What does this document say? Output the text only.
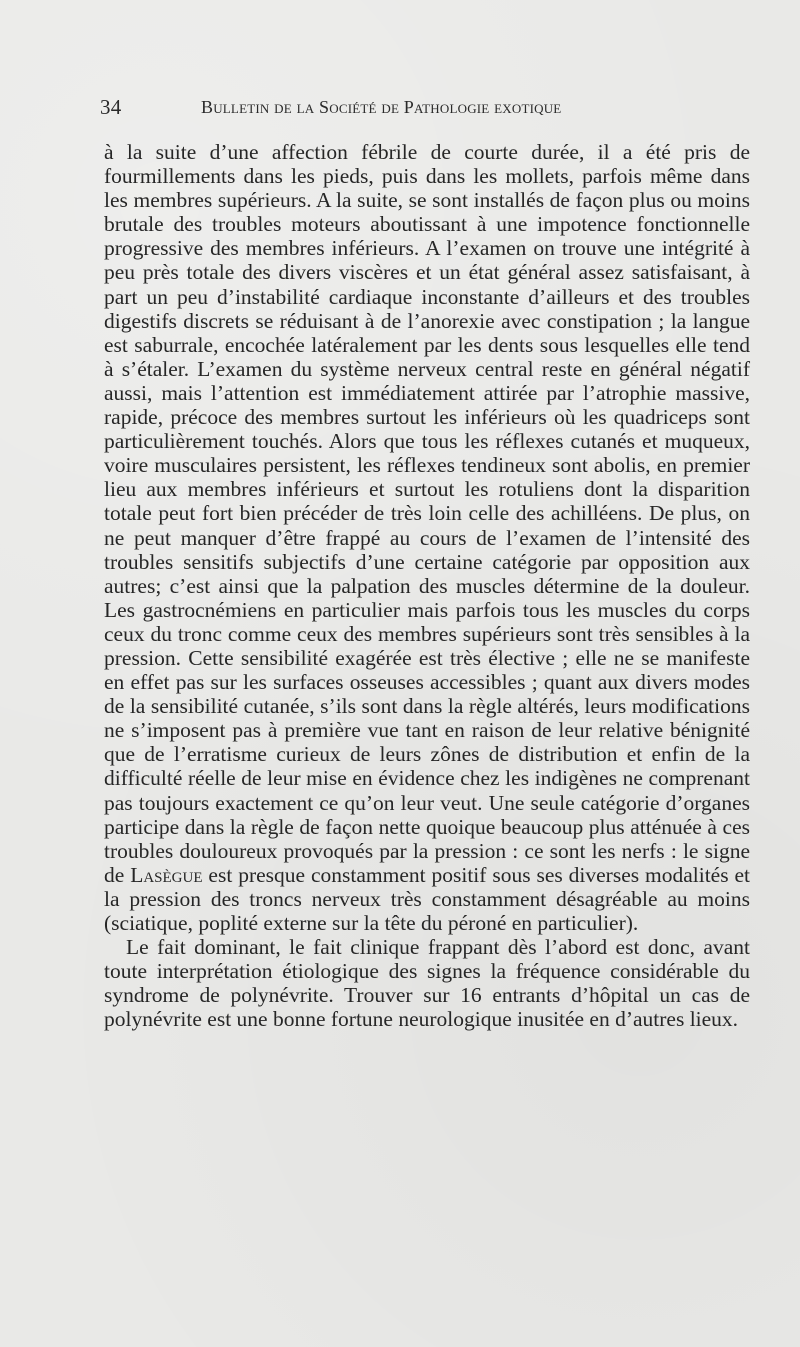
34	Bulletin de la Société de Pathologie exotique

à la suite d’une affection fébrile de courte durée, il a été pris de fourmillements dans les pieds, puis dans les mollets, parfois même dans les membres supérieurs. A la suite, se sont installés de façon plus ou moins brutale des troubles moteurs aboutissant à une impotence fonctionnelle progressive des membres inférieurs. A l’examen on trouve une intégrité à peu près totale des divers viscères et un état général assez satisfaisant, à part un peu d’instabilité cardiaque inconstante d’ailleurs et des troubles digestifs discrets se réduisant à de l’anorexie avec constipation ; la langue est saburrale, encochée latéralement par les dents sous lesquelles elle tend à s’étaler. L’examen du système nerveux central reste en général négatif aussi, mais l’attention est immédiatement attirée par l’atrophie massive, rapide, précoce des membres surtout les inférieurs où les quadriceps sont particulièrement touchés. Alors que tous les réflexes cutanés et muqueux, voire musculaires persistent, les réflexes tendineux sont abolis, en premier lieu aux membres inférieurs et surtout les rotuliens dont la disparition totale peut fort bien précéder de très loin celle des achilléens. De plus, on ne peut manquer d’être frappé au cours de l’examen de l’intensité des troubles sensitifs subjectifs d’une certaine catégorie par opposition aux autres; c’est ainsi que la palpation des muscles détermine de la douleur. Les gastrocnémiens en particulier mais parfois tous les muscles du corps ceux du tronc comme ceux des membres supérieurs sont très sensibles à la pression. Cette sensibilité exagérée est très élective ; elle ne se manifeste en effet pas sur les surfaces osseuses accessibles ; quant aux divers modes de la sensibilité cutanée, s’ils sont dans la règle altérés, leurs modifications ne s’imposent pas à première vue tant en raison de leur relative bénignité que de l’erratisme curieux de leurs zônes de distribution et enfin de la difficulté réelle de leur mise en évidence chez les indigènes ne comprenant pas toujours exactement ce qu’on leur veut. Une seule catégorie d’organes participe dans la règle de façon nette quoique beaucoup plus atténuée à ces troubles douloureux provoqués par la pression : ce sont les nerfs : le signe de Lasègue est presque constamment positif sous ses diverses modalités et la pression des troncs nerveux très constamment désagréable au moins (sciatique, poplité externe sur la tête du péroné en particulier).

Le fait dominant, le fait clinique frappant dès l’abord est donc, avant toute interprétation étiologique des signes la fréquence considérable du syndrome de polynévrite. Trouver sur 16 entrants d’hôpital un cas de polynévrite est une bonne fortune neurologique inusitée en d’autres lieux.
